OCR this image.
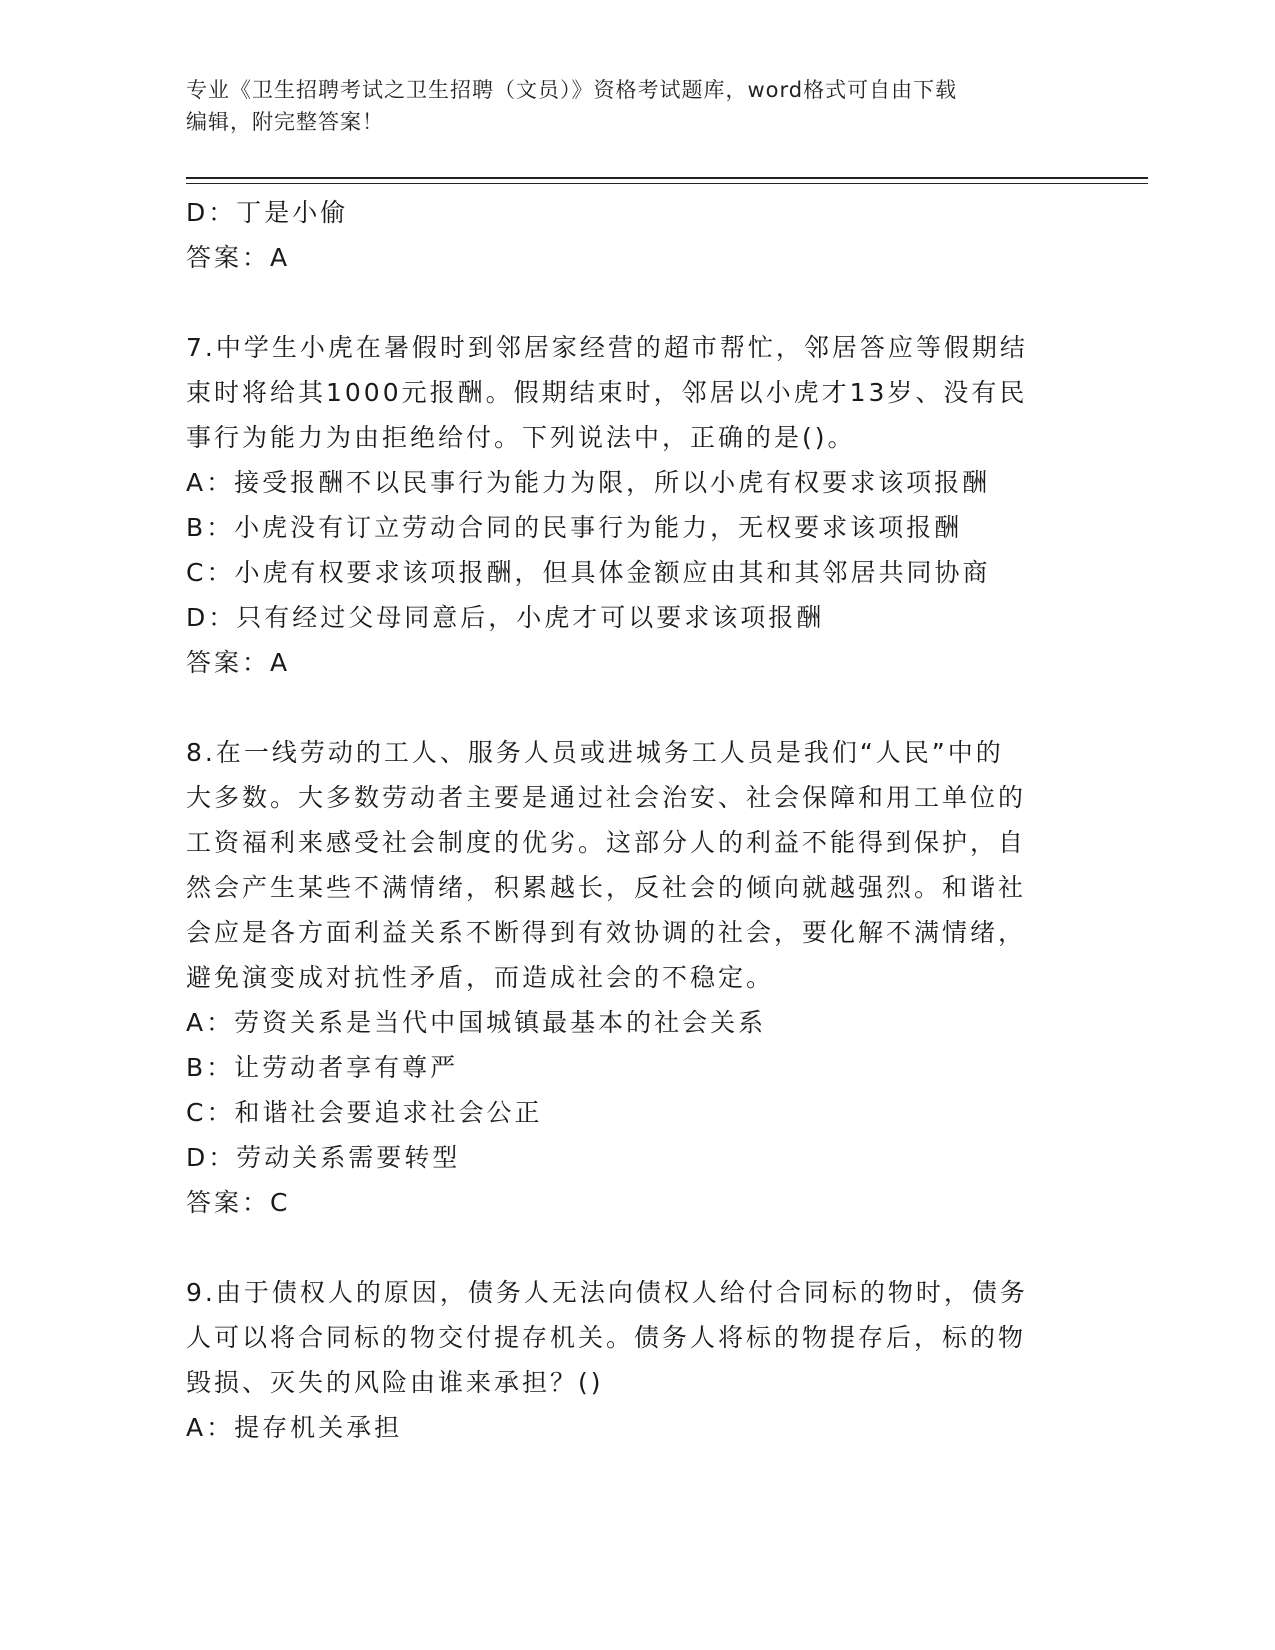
专业《卫生招聘考试之卫生招聘（文员）》资格考试题库，word格式可自由下载
编辑，附完整答案！
D：丁是小偷
答案：A
7.中学生小虎在暑假时到邻居家经营的超市帮忙，邻居答应等假期结
束时将给其1000元报酬。假期结束时，邻居以小虎才13岁、没有民
事行为能力为由拒绝给付。下列说法中，正确的是()。
A：接受报酬不以民事行为能力为限，所以小虎有权要求该项报酬
B：小虎没有订立劳动合同的民事行为能力，无权要求该项报酬
C：小虎有权要求该项报酬，但具体金额应由其和其邻居共同协商
D：只有经过父母同意后，小虎才可以要求该项报酬
答案：A
8.在一线劳动的工人、服务人员或进城务工人员是我们“人民”中的
大多数。大多数劳动者主要是通过社会治安、社会保障和用工单位的
工资福利来感受社会制度的优劣。这部分人的利益不能得到保护，自
然会产生某些不满情绪，积累越长，反社会的倾向就越强烈。和谐社
会应是各方面利益关系不断得到有效协调的社会，要化解不满情绪，
避免演变成对抗性矛盾，而造成社会的不稳定。
A：劳资关系是当代中国城镇最基本的社会关系
B：让劳动者享有尊严
C：和谐社会要追求社会公正
D：劳动关系需要转型
答案：C
9.由于债权人的原因，债务人无法向债权人给付合同标的物时，债务
人可以将合同标的物交付提存机关。债务人将标的物提存后，标的物
毁损、灭失的风险由谁来承担？()
A：提存机关承担
